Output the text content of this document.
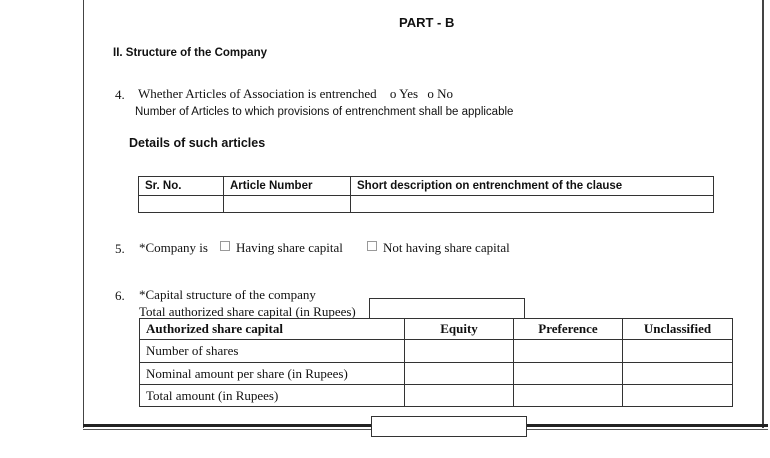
PART - B
II. Structure of the Company
4. Whether Articles of Association is entrenched o Yes o No
Number of Articles to which provisions of entrenchment shall be applicable
Details of such articles
Sr. No.	Article Number	Short description on entrenchment of the clause

5. *Company is	Having share capital	Not having share capital
6. *Capital structure of the company
Total authorized share capital (in Rupees)
Authorized share capital	Equity	Preference	Unclassified
Number of shares			
Nominal amount per share (in Rupees)			
Total amount (in Rupees)			
